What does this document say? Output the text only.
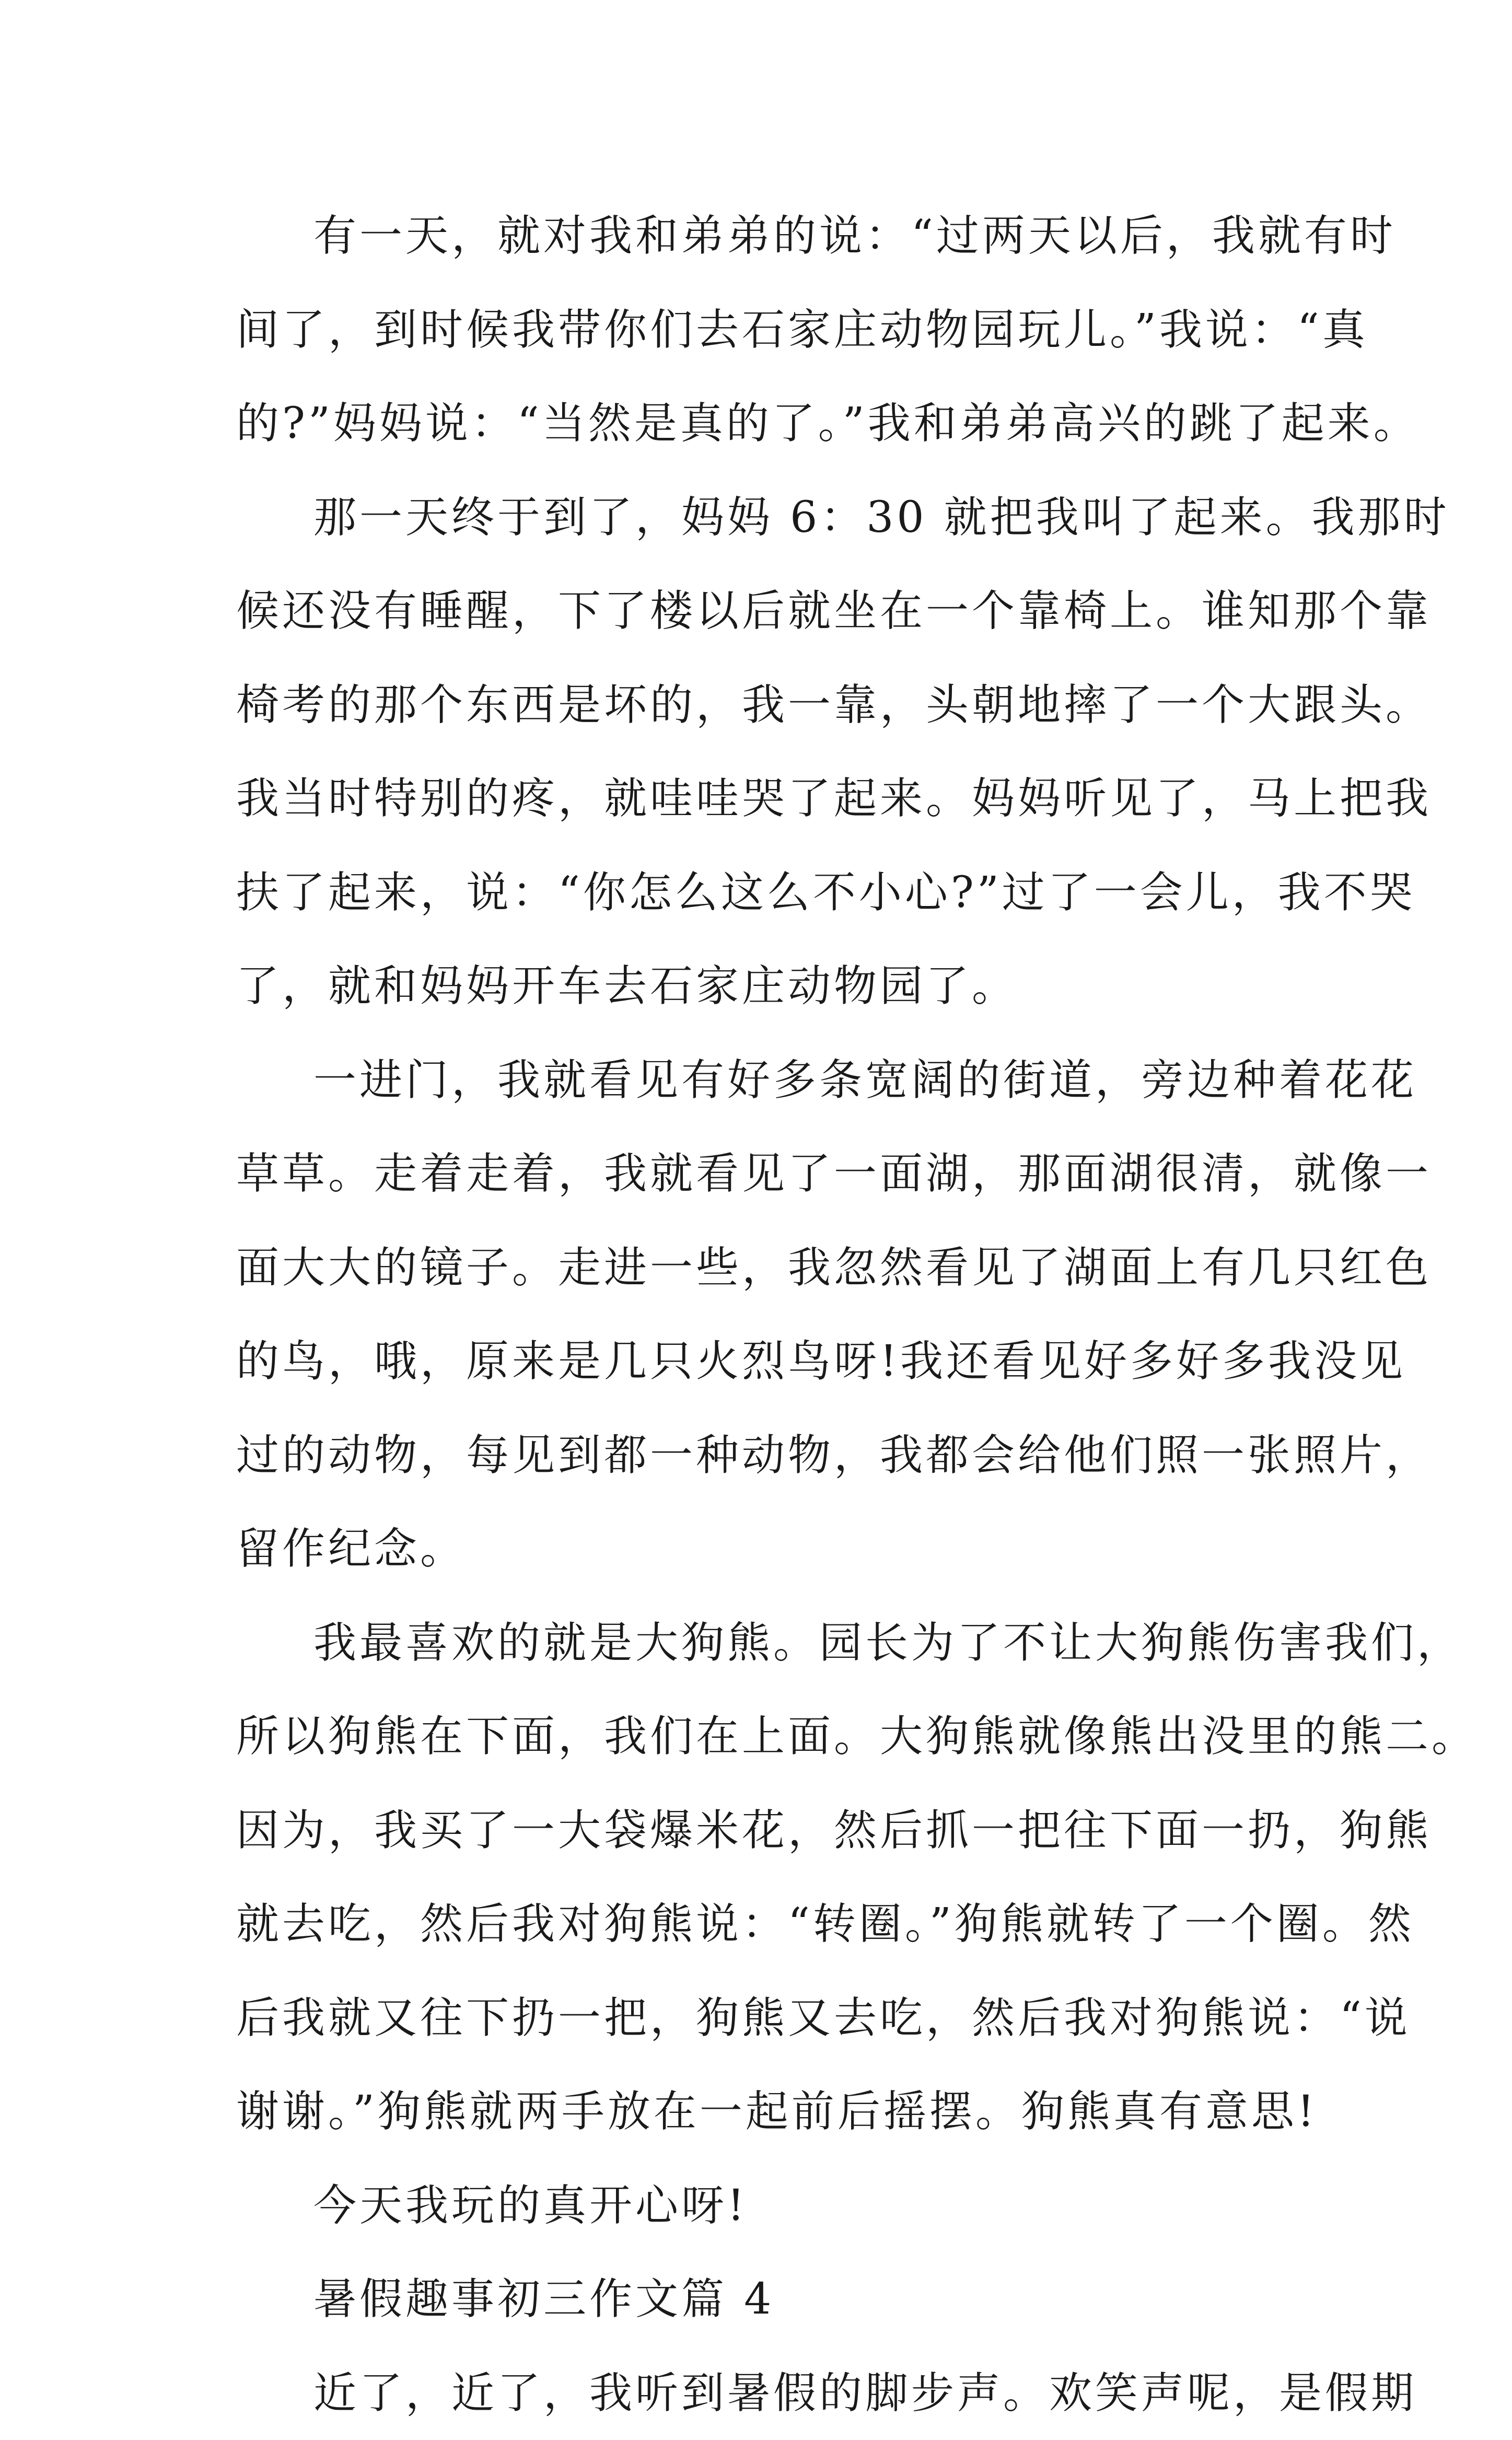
有一天，就对我和弟弟的说：“过两天以后，我就有时
间了，到时候我带你们去石家庄动物园玩儿。”我说：“真
的?”妈妈说：“当然是真的了。”我和弟弟高兴的跳了起来。

那一天终于到了，妈妈 6：30 就把我叫了起来。我那时
候还没有睡醒，下了楼以后就坐在一个靠椅上。谁知那个靠
椅考的那个东西是坏的，我一靠，头朝地摔了一个大跟头。
我当时特别的疼，就哇哇哭了起来。妈妈听见了，马上把我
扶了起来，说：“你怎么这么不小心?”过了一会儿，我不哭
了，就和妈妈开车去石家庄动物园了。

一进门，我就看见有好多条宽阔的街道，旁边种着花花
草草。走着走着，我就看见了一面湖，那面湖很清，就像一
面大大的镜子。走进一些，我忽然看见了湖面上有几只红色
的鸟，哦，原来是几只火烈鸟呀!我还看见好多好多我没见
过的动物，每见到都一种动物，我都会给他们照一张照片，
留作纪念。

我最喜欢的就是大狗熊。园长为了不让大狗熊伤害我们，
所以狗熊在下面，我们在上面。大狗熊就像熊出没里的熊二。
因为，我买了一大袋爆米花，然后抓一把往下面一扔，狗熊
就去吃，然后我对狗熊说：“转圈。”狗熊就转了一个圈。然
后我就又往下扔一把，狗熊又去吃，然后我对狗熊说：“说
谢谢。”狗熊就两手放在一起前后摇摆。狗熊真有意思!

今天我玩的真开心呀!

暑假趣事初三作文篇 4

近了，近了，我听到暑假的脚步声。欢笑声呢，是假期
